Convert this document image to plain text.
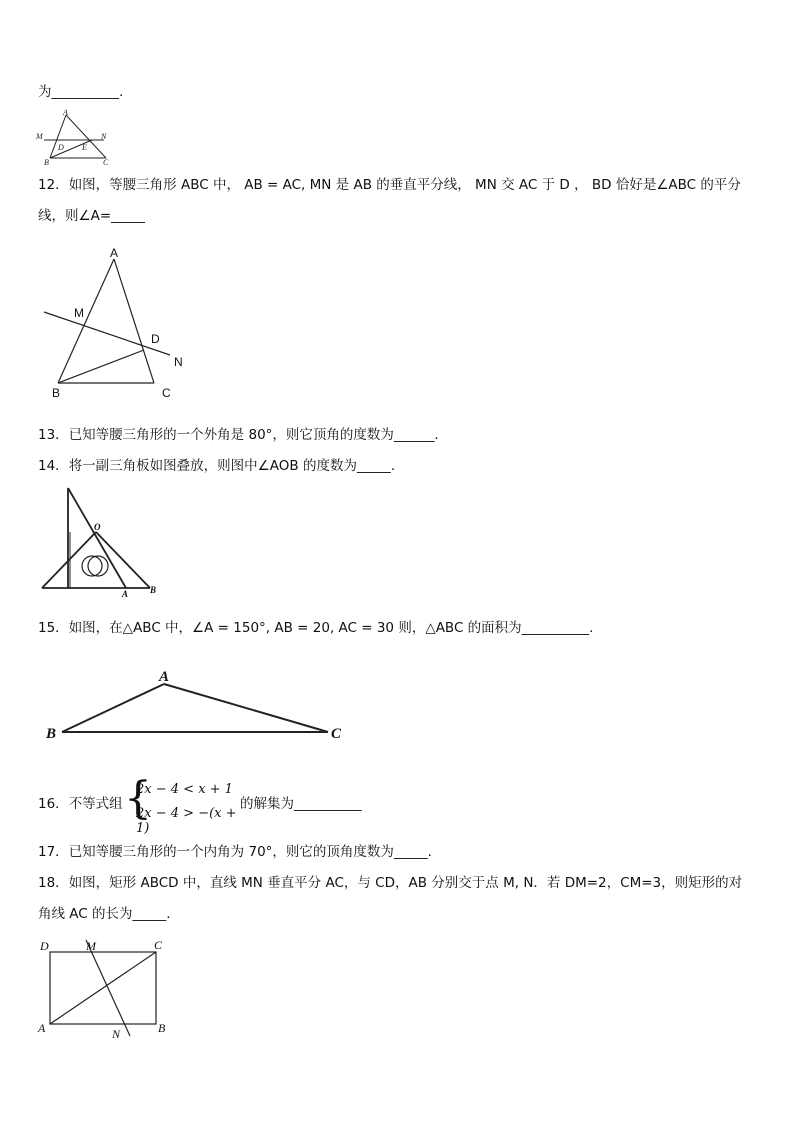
为__________.
A
M	N
D E
B	C
12．如图，等腰三角形 ABC 中， AB = AC, MN 是 AB 的垂直平分线， MN 交 AC 于 D ， BD 恰好是∠ABC 的平分
线，则∠A=_____
A
M
D
N
B	C
13．已知等腰三角形的一个外角是 80°，则它顶角的度数为______.
14．将一副三角板如图叠放，则图中∠AOB 的度数为_____.
O
A B
15．如图，在△ABC 中，∠A = 150°, AB = 20, AC = 30 则，△ABC 的面积为__________.
A
B	C
16．不等式组 {
2x − 4 < x + 1
2x − 4 > −(x + 1)
的解集为__________
17．已知等腰三角形的一个内角为 70°，则它的顶角度数为_____.
18．如图，矩形 ABCD 中，直线 MN 垂直平分 AC，与 CD，AB 分别交于点 M, N．若 DM=2，CM=3，则矩形的对
角线 AC 的长为_____.
D	M	C
A	N	B
